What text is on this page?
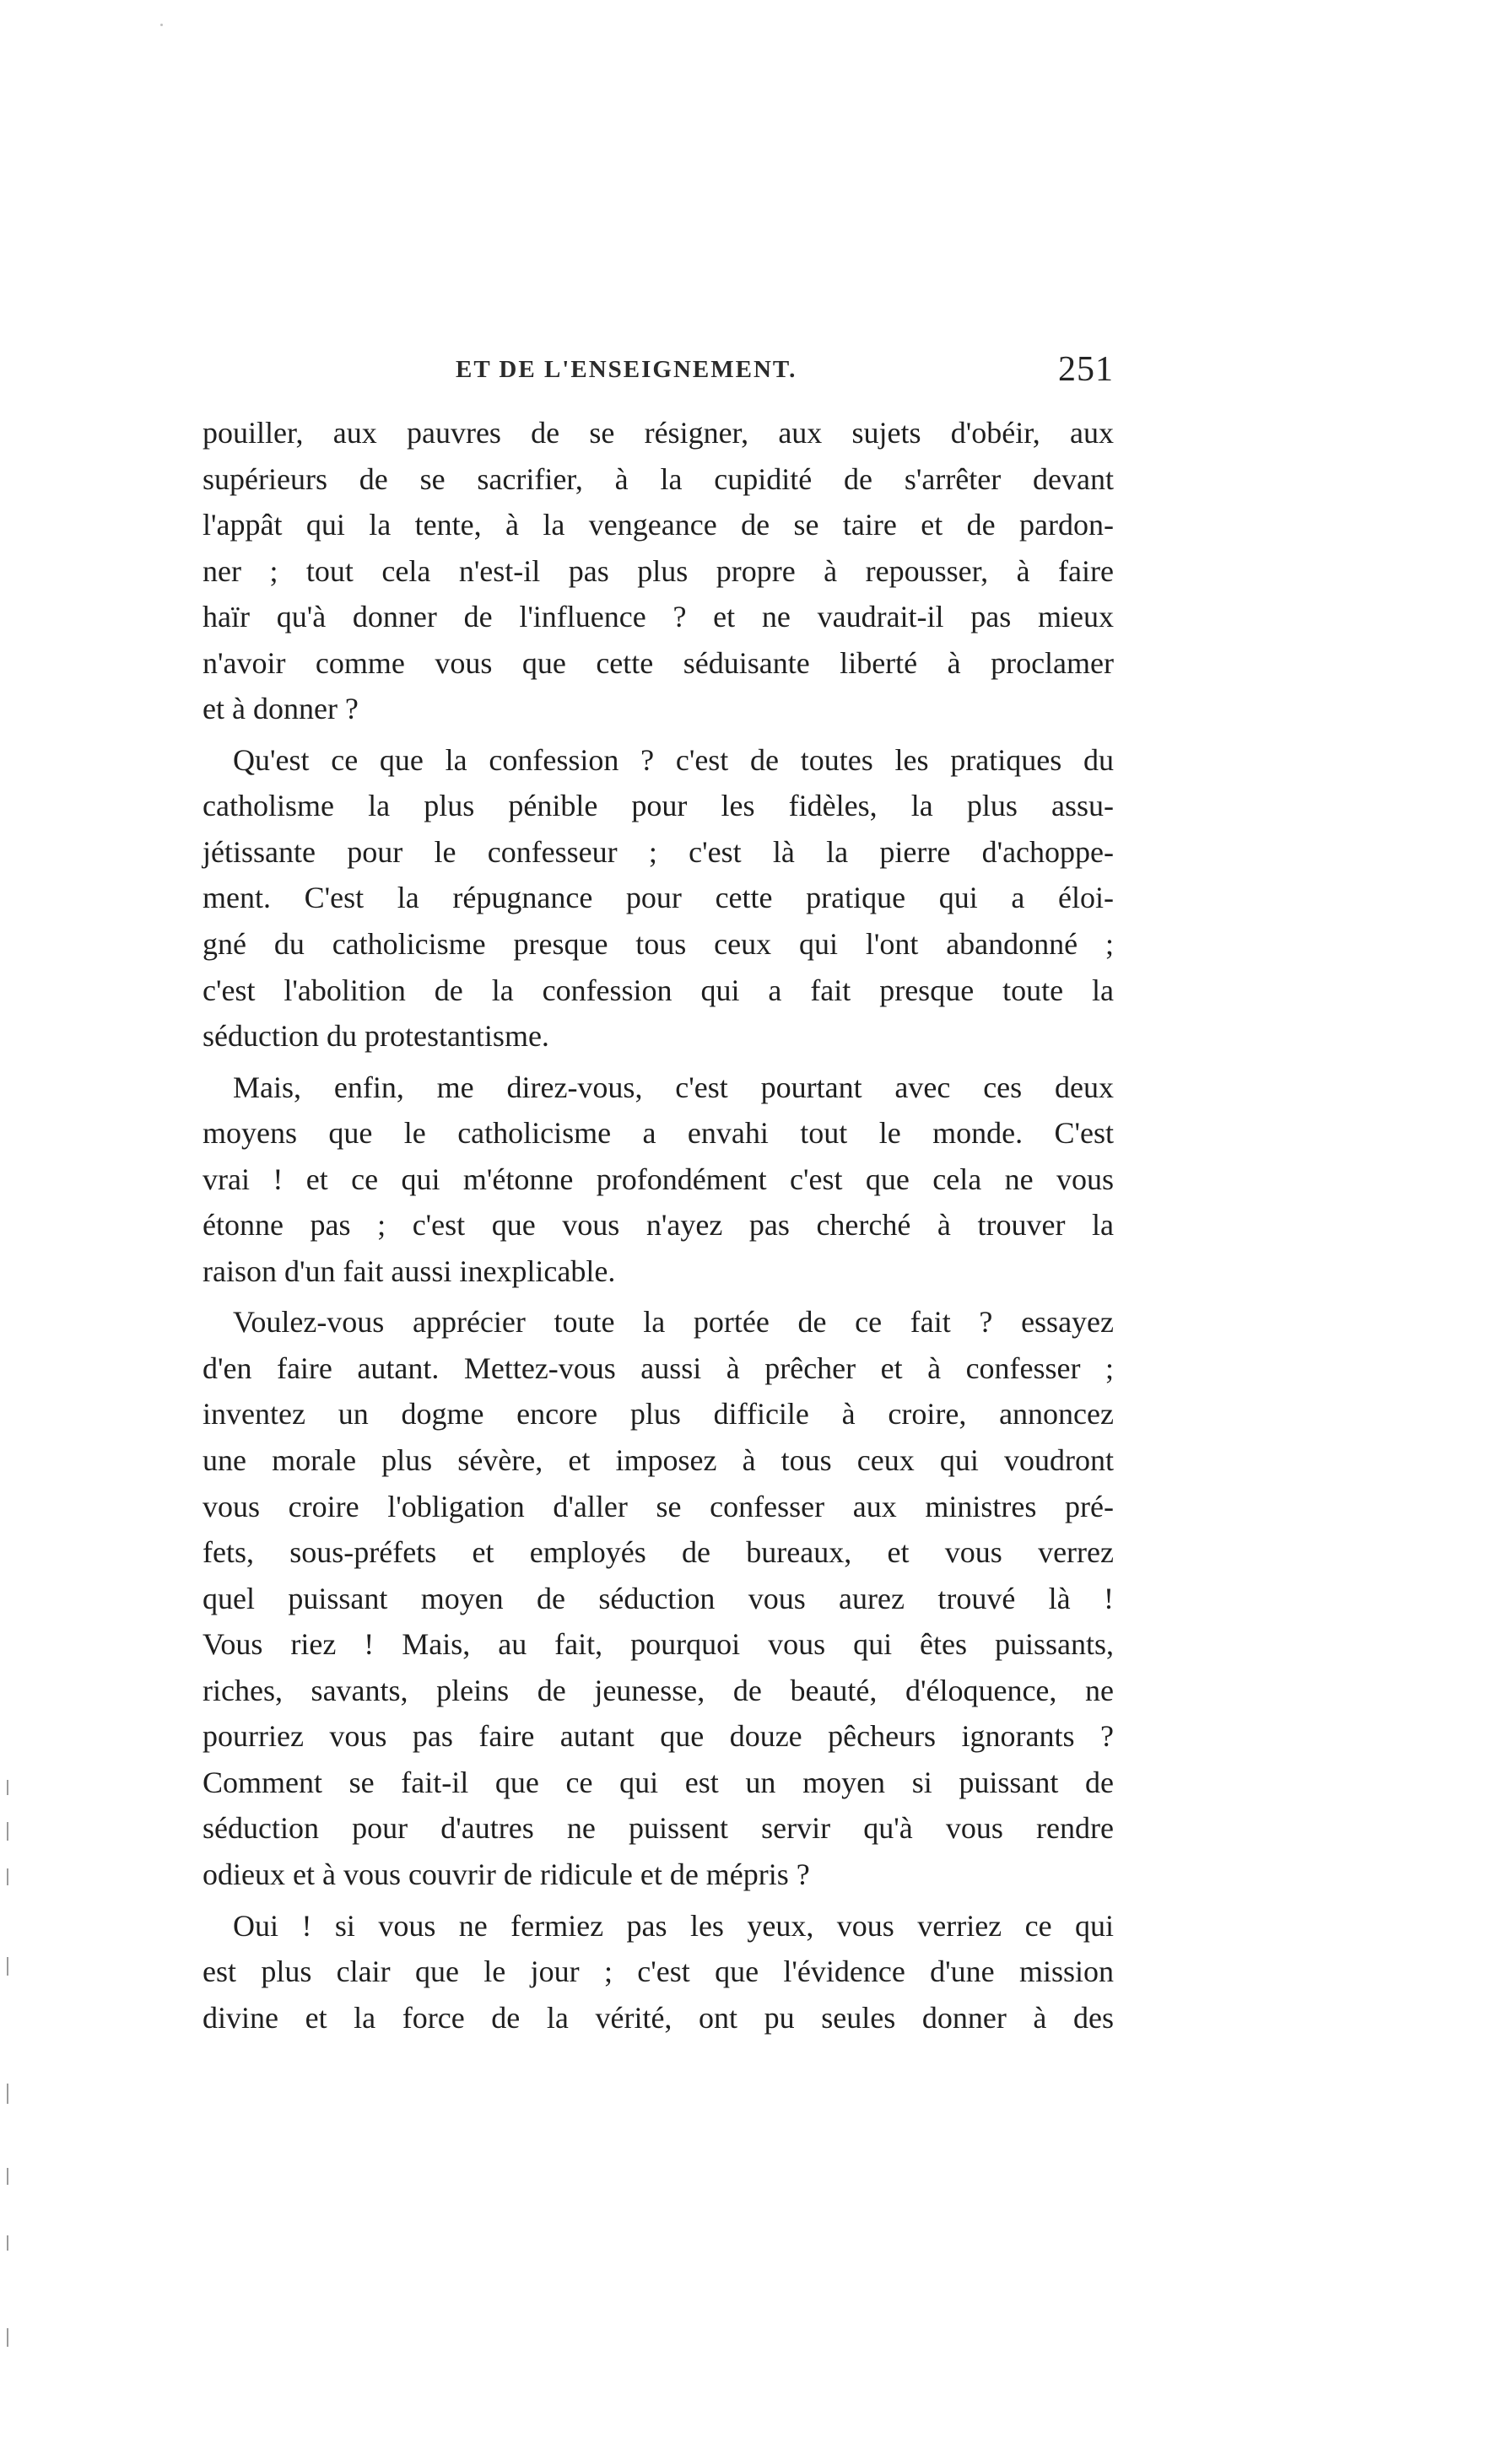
ET DE L'ENSEIGNEMENT.	251

pouiller, aux pauvres de se résigner, aux sujets d'obéir, aux
supérieurs de se sacrifier, à la cupidité de s'arrêter devant
l'appât qui la tente, à la vengeance de se taire et de pardon-
ner ; tout cela n'est-il pas plus propre à repousser, à faire
haïr qu'à donner de l'influence ? et ne vaudrait-il pas mieux
n'avoir comme vous que cette séduisante liberté à proclamer
et à donner ?

Qu'est ce que la confession ? c'est de toutes les pratiques du
catholisme la plus pénible pour les fidèles, la plus assu-
jétissante pour le confesseur ; c'est là la pierre d'achoppe-
ment. C'est la répugnance pour cette pratique qui a éloi-
gné du catholicisme presque tous ceux qui l'ont abandonné ;
c'est l'abolition de la confession qui a fait presque toute la
séduction du protestantisme.

Mais, enfin, me direz-vous, c'est pourtant avec ces deux
moyens que le catholicisme a envahi tout le monde. C'est
vrai ! et ce qui m'étonne profondément c'est que cela ne vous
étonne pas ; c'est que vous n'ayez pas cherché à trouver la
raison d'un fait aussi inexplicable.

Voulez-vous apprécier toute la portée de ce fait ? essayez
d'en faire autant. Mettez-vous aussi à prêcher et à confesser ;
inventez un dogme encore plus difficile à croire, annoncez
une morale plus sévère, et imposez à tous ceux qui voudront
vous croire l'obligation d'aller se confesser aux ministres pré-
fets, sous-préfets et employés de bureaux, et vous verrez
quel puissant moyen de séduction vous aurez trouvé là !
Vous riez ! Mais, au fait, pourquoi vous qui êtes puissants,
riches, savants, pleins de jeunesse, de beauté, d'éloquence, ne
pourriez vous pas faire autant que douze pêcheurs ignorants ?
Comment se fait-il que ce qui est un moyen si puissant de
séduction pour d'autres ne puissent servir qu'à vous rendre
odieux et à vous couvrir de ridicule et de mépris ?

Oui ! si vous ne fermiez pas les yeux, vous verriez ce qui
est plus clair que le jour ; c'est que l'évidence d'une mission
divine et la force de la vérité, ont pu seules donner à des
